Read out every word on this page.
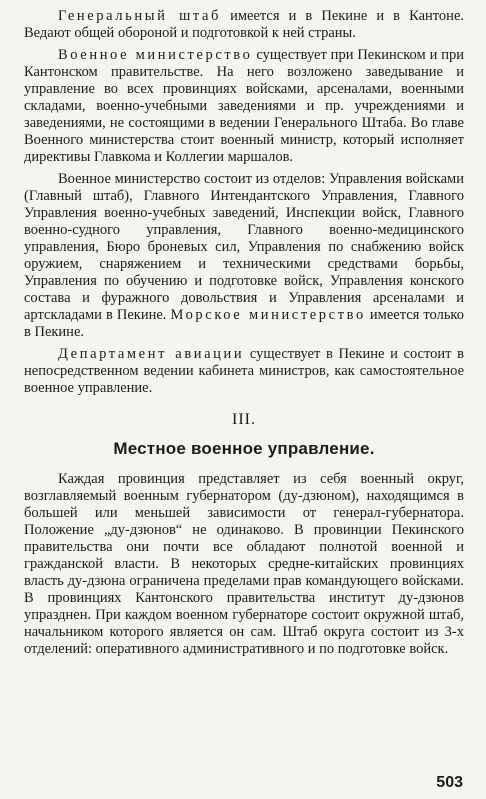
Генеральный штаб имеется и в Пекине и в Кантоне. Ведают общей обороной и подготовкой к ней страны.

Военное министерство существует при Пекинском и при Кантонском правительстве. На него возложено заведывание и управление во всех провинциях войсками, арсеналами, военными складами, военно-учебными заведениями и пр. учреждениями и заведениями, не состоящими в ведении Генерального Штаба. Во главе Военного министерства стоит военный министр, который исполняет директивы Главкома и Коллегии маршалов.

Военное министерство состоит из отделов: Управления войсками (Главный штаб), Главного Интендантского Управления, Главного Управления военно-учебных заведений, Инспекции войск, Главного военно-судного управления, Главного военно-медицинского управления, Бюро броневых сил, Управления по снабжению войск оружием, снаряжением и техническими средствами борьбы, Управления по обучению и подготовке войск, Управления конского состава и фуражного довольствия и Управления арсеналами и артскладами в Пекине. Морское министерство имеется только в Пекине.

Департамент авиации существует в Пекине и состоит в непосредственном ведении кабинета министров, как самостоятельное военное управление.

III.
Местное военное управление.

Каждая провинция представляет из себя военный округ, возглавляемый военным губернатором (ду-дзюном), находящимся в большей или меньшей зависимости от генерал-губернатора. Положение „ду-дзюнов“ не одинаково. В провинции Пекинского правительства они почти все обладают полнотой военной и гражданской власти. В некоторых средне-китайских провинциях власть ду-дзюна ограничена пределами прав командующего войсками. В провинциях Кантонского правительства институт ду-дзюнов упразднен. При каждом военном губернаторе состоит окружной штаб, начальником которого является он сам. Штаб округа состоит из 3-х отделений: оперативного административного и по подготовке войск.

503
